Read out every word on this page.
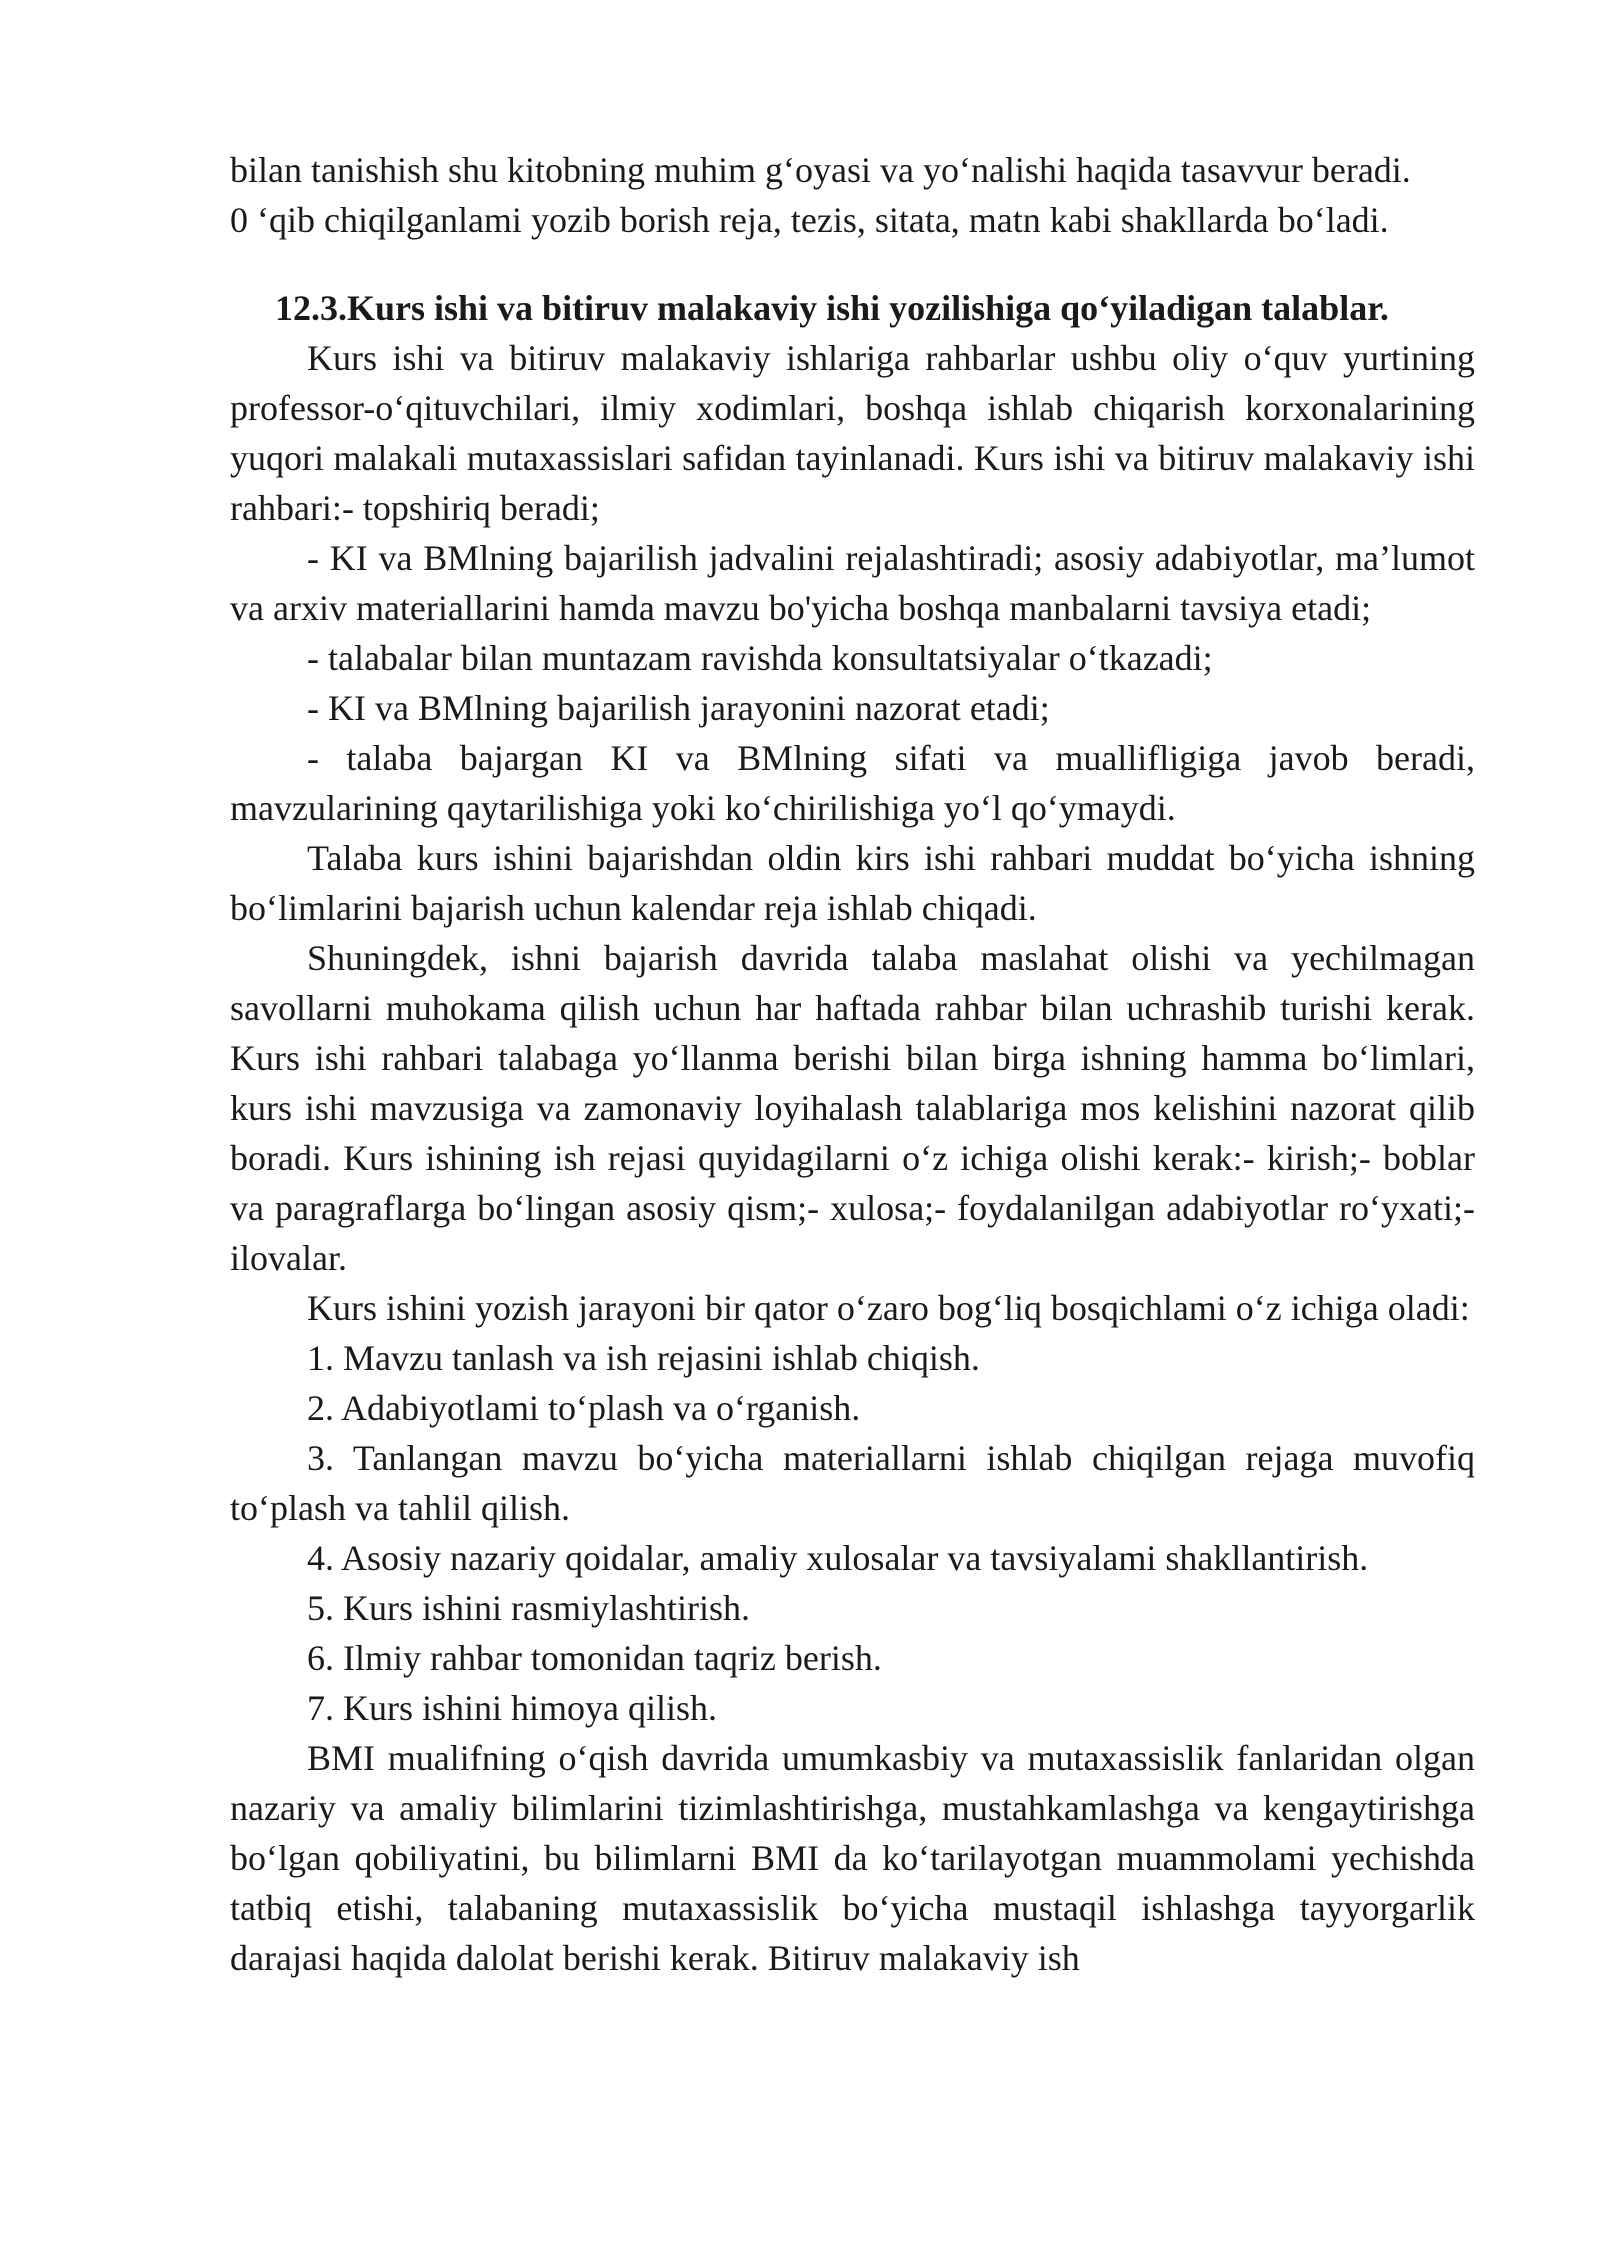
bilan tanishish shu kitobning muhim g‘oyasi va yo‘nalishi haqida tasavvur beradi.

0 ‘qib chiqilganlami yozib borish reja, tezis, sitata, matn kabi shakllarda bo‘ladi.

12.3.Kurs ishi va bitiruv malakaviy ishi yozilishiga qo‘yiladigan talablar.

Kurs ishi va bitiruv malakaviy ishlariga rahbarlar ushbu oliy o‘quv yurtining professor-o‘qituvchilari, ilmiy xodimlari, boshqa ishlab chiqarish korxonalarining yuqori malakali mutaxassislari safidan tayinlanadi. Kurs ishi va bitiruv malakaviy ishi rahbari:- topshiriq beradi;

- KI va BMlning bajarilish jadvalini rejalashtiradi; asosiy adabiyotlar, ma’lumot va arxiv materiallarini hamda mavzu bo'yicha boshqa manbalarni tavsiya etadi;

- talabalar bilan muntazam ravishda konsultatsiyalar o‘tkazadi;

- KI va BMlning bajarilish jarayonini nazorat etadi;

- talaba bajargan KI va BMlning sifati va muallifligiga javob beradi, mavzularining qaytarilishiga yoki ko‘chirilishiga yo‘l qo‘ymaydi.

Talaba kurs ishini bajarishdan oldin kirs ishi rahbari muddat bo‘yicha ishning bo‘limlarini bajarish uchun kalendar reja ishlab chiqadi.

Shuningdek, ishni bajarish davrida talaba maslahat olishi va yechilmagan savollarni muhokama qilish uchun har haftada rahbar bilan uchrashib turishi kerak. Kurs ishi rahbari talabaga yo‘llanma berishi bilan birga ishning hamma bo‘limlari, kurs ishi mavzusiga va zamonaviy loyihalash talablariga mos kelishini nazorat qilib boradi. Kurs ishining ish rejasi quyidagilarni o‘z ichiga olishi kerak:- kirish;- boblar va paragraflarga bo‘lingan asosiy qism;- xulosa;- foydalanilgan adabiyotlar ro‘yxati;- ilovalar.

Kurs ishini yozish jarayoni bir qator o‘zaro bog‘liq bosqichlami o‘z ichiga oladi:

1. Mavzu tanlash va ish rejasini ishlab chiqish.

2. Adabiyotlami to‘plash va o‘rganish.

3. Tanlangan mavzu bo‘yicha materiallarni ishlab chiqilgan rejaga muvofiq to‘plash va tahlil qilish.

4. Asosiy nazariy qoidalar, amaliy xulosalar va tavsiyalami shakllantirish.

5. Kurs ishini rasmiylashtirish.

6. Ilmiy rahbar tomonidan taqriz berish.

7. Kurs ishini himoya qilish.

BMI mualifning o‘qish davrida umumkasbiy va mutaxassislik fanlaridan olgan nazariy va amaliy bilimlarini tizimlashtirishga, mustahkamlashga va kengaytirishga bo‘lgan qobiliyatini, bu bilimlarni BMI da ko‘tarilayotgan muammolami yechishda tatbiq etishi, talabaning mutaxassislik bo‘yicha mustaqil ishlashga tayyorgarlik darajasi haqida dalolat berishi kerak. Bitiruv malakaviy ish
